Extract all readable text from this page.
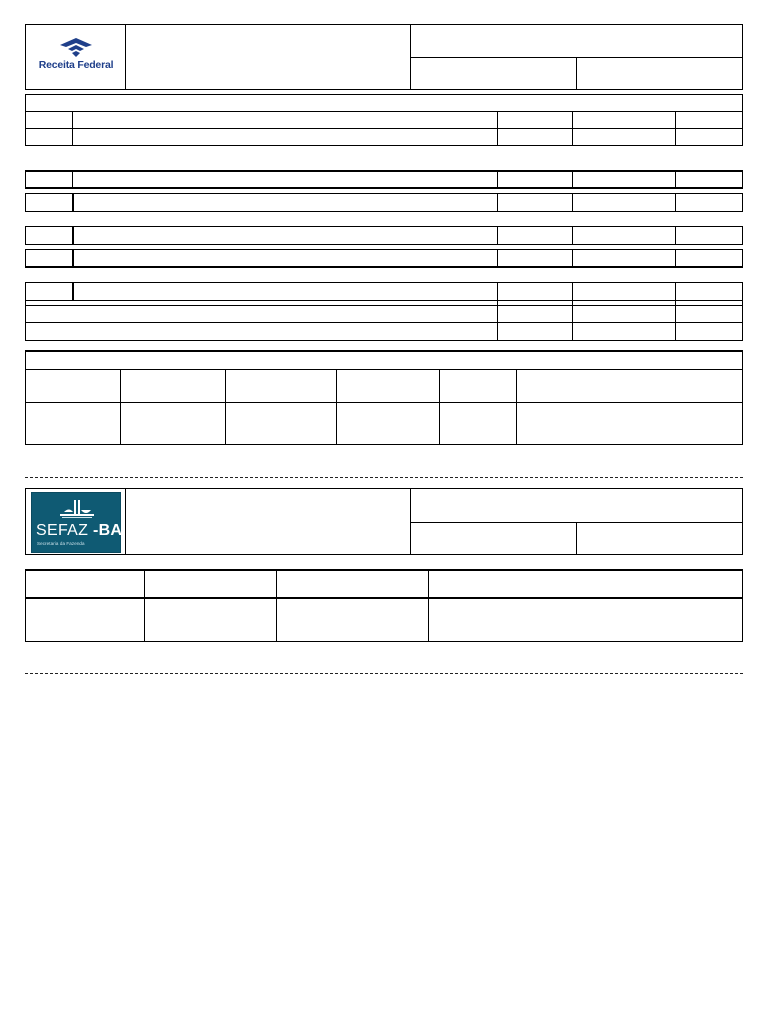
Receita Federal
SEFAZ -BA
Secretaria da Fazenda
